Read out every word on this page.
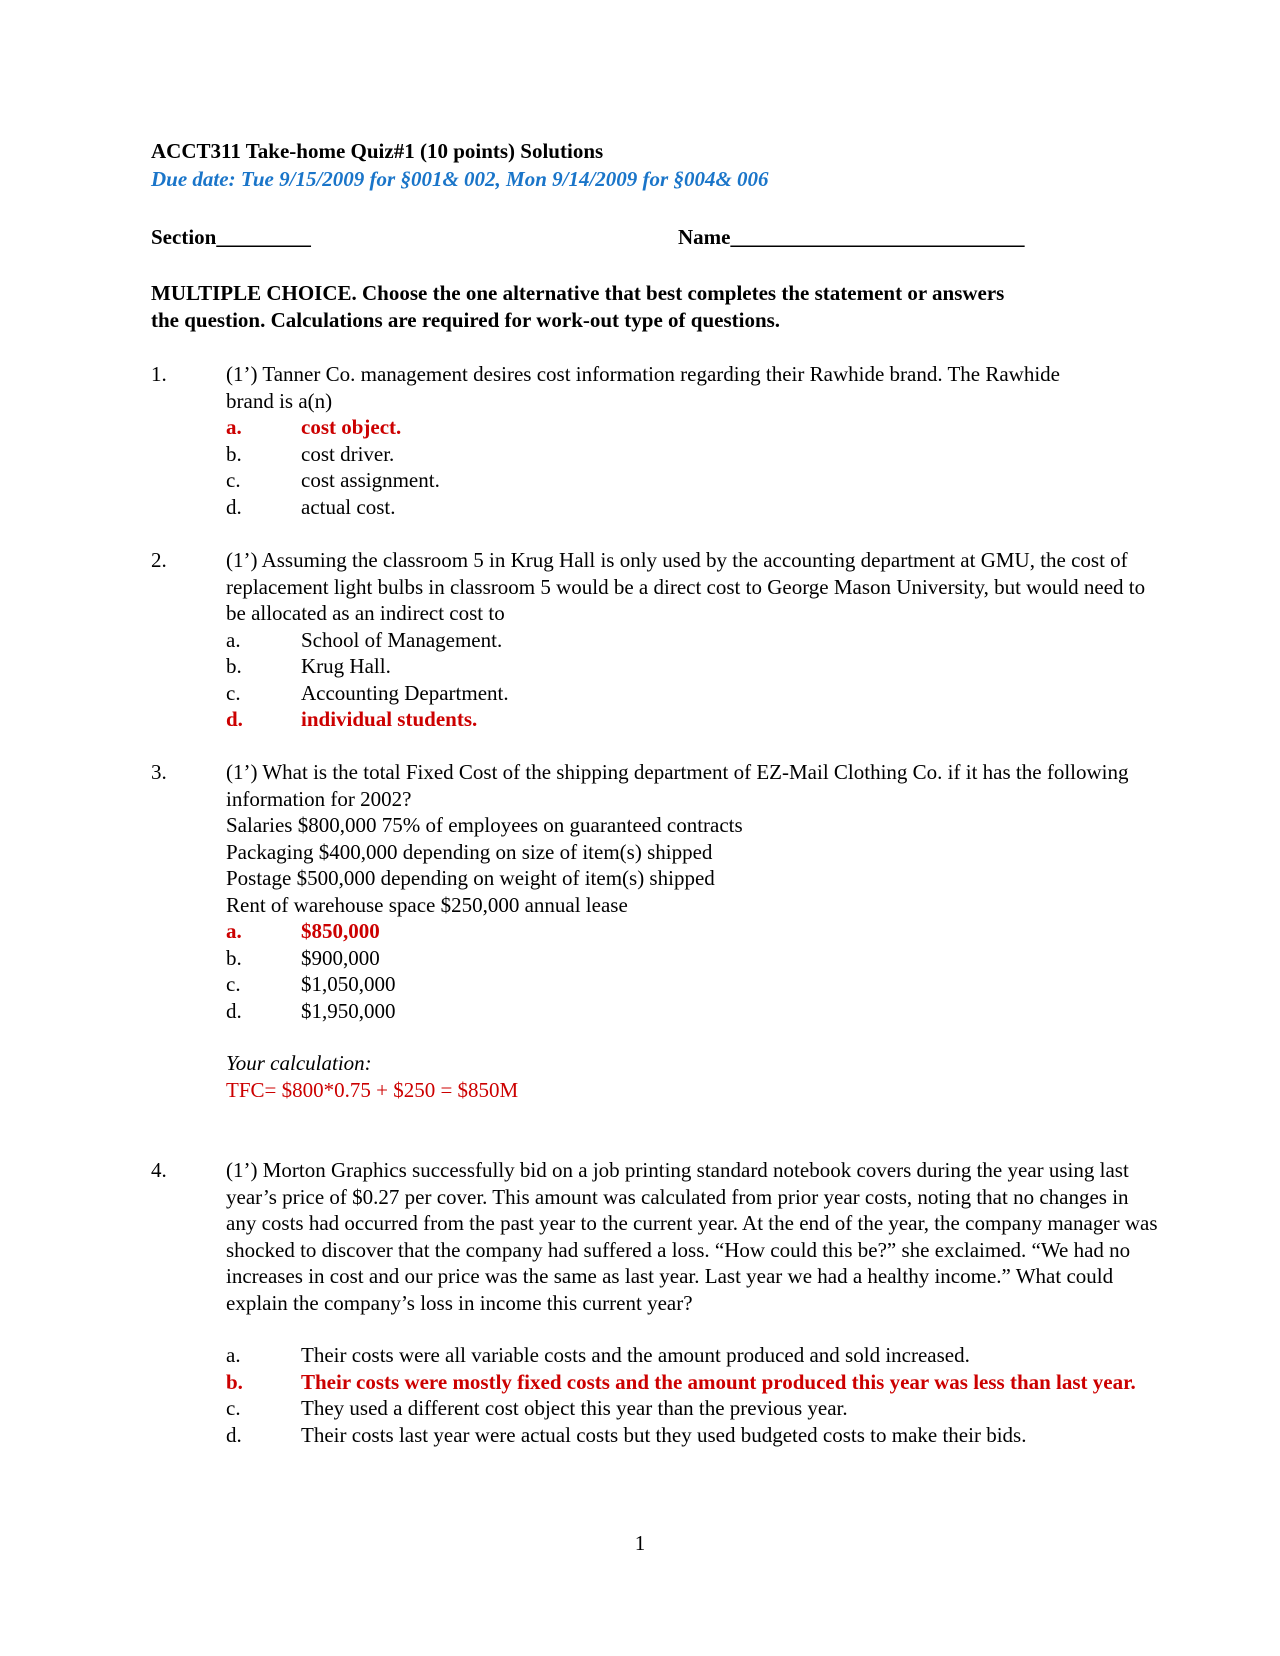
ACCT311 Take-home Quiz#1 (10 points) Solutions
Due date: Tue 9/15/2009 for §001& 002, Mon 9/14/2009 for §004& 006
Section_________	Name____________________________
MULTIPLE CHOICE. Choose the one alternative that best completes the statement or answers
the question. Calculations are required for work-out type of questions.
1.	(1’) Tanner Co. management desires cost information regarding their Rawhide brand. The Rawhide brand is a(n)
a.	cost object.
b.	cost driver.
c.	cost assignment.
d.	actual cost.
2.	(1’) Assuming the classroom 5 in Krug Hall is only used by the accounting department at GMU, the cost of replacement light bulbs in classroom 5 would be a direct cost to George Mason University, but would need to be allocated as an indirect cost to
a.	School of Management.
b.	Krug Hall.
c.	Accounting Department.
d.	individual students.
3.	(1’) What is the total Fixed Cost of the shipping department of EZ-Mail Clothing Co. if it has the following information for 2002?
Salaries $800,000 75% of employees on guaranteed contracts
Packaging $400,000 depending on size of item(s) shipped
Postage $500,000 depending on weight of item(s) shipped
Rent of warehouse space $250,000 annual lease
a.	$850,000
b.	$900,000
c.	$1,050,000
d.	$1,950,000
Your calculation:
TFC= $800*0.75 + $250 = $850M
4.	(1’) Morton Graphics successfully bid on a job printing standard notebook covers during the year using last year’s price of $0.27 per cover. This amount was calculated from prior year costs, noting that no changes in any costs had occurred from the past year to the current year. At the end of the year, the company manager was shocked to discover that the company had suffered a loss. “How could this be?” she exclaimed. “We had no increases in cost and our price was the same as last year. Last year we had a healthy income.” What could explain the company’s loss in income this current year?
a.	Their costs were all variable costs and the amount produced and sold increased.
b.	Their costs were mostly fixed costs and the amount produced this year was less than last year.
c.	They used a different cost object this year than the previous year.
d.	Their costs last year were actual costs but they used budgeted costs to make their bids.
1
